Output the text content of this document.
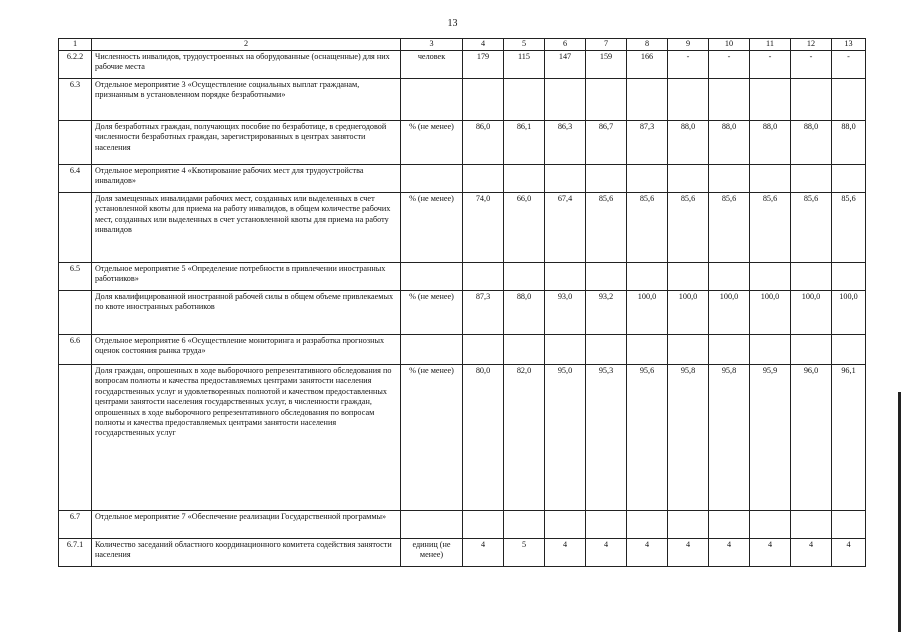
13
1	2	3	4	5	6	7	8	9	10	11	12	13
6.2.2	Численность инвалидов, трудоустроенных на оборудованные (оснащенные) для них рабочие места	человек	179	115	147	159	166	-	-	-	-	-
6.3	Отдельное мероприятие 3 «Осуществление социальных выплат гражданам, признанным в установленном порядке безработными»											
	Доля безработных граждан, получающих пособие по безработице, в среднегодовой численности безработных граждан, зарегистрированных в центрах занятости населения	% (не менее)	86,0	86,1	86,3	86,7	87,3	88,0	88,0	88,0	88,0	88,0
6.4	Отдельное мероприятие 4 «Квотирование рабочих мест для трудоустройства инвалидов»											
	Доля замещенных инвалидами рабочих мест, созданных или выделенных в счет установленной квоты для приема на работу инвалидов, в общем количестве рабочих мест, созданных или выделенных в счет установленной квоты для приема на работу инвалидов	% (не менее)	74,0	66,0	67,4	85,6	85,6	85,6	85,6	85,6	85,6	85,6
6.5	Отдельное мероприятие 5 «Определение потребности в привлечении иностранных работников»											
	Доля квалифицированной иностранной рабочей силы в общем объеме привлекаемых по квоте иностранных работников	% (не менее)	87,3	88,0	93,0	93,2	100,0	100,0	100,0	100,0	100,0	100,0
6.6	Отдельное мероприятие 6 «Осуществление мониторинга и разработка прогнозных оценок состояния рынка труда»											
	Доля граждан, опрошенных в ходе выборочного репрезентативного обследования по вопросам полноты и качества предоставляемых центрами занятости населения государственных услуг и удовлетворенных полнотой и качеством предоставленных центрами занятости населения государственных услуг, в численности граждан, опрошенных в ходе выборочного репрезентативного обследования по вопросам полноты и качества предоставляемых центрами занятости населения государственных услуг	% (не менее)	80,0	82,0	95,0	95,3	95,6	95,8	95,8	95,9	96,0	96,1
6.7	Отдельное мероприятие 7 «Обеспечение реализации Государственной программы»											
6.7.1	Количество заседаний областного координационного комитета содействия занятости населения	единиц (не менее)	4	5	4	4	4	4	4	4	4	4
